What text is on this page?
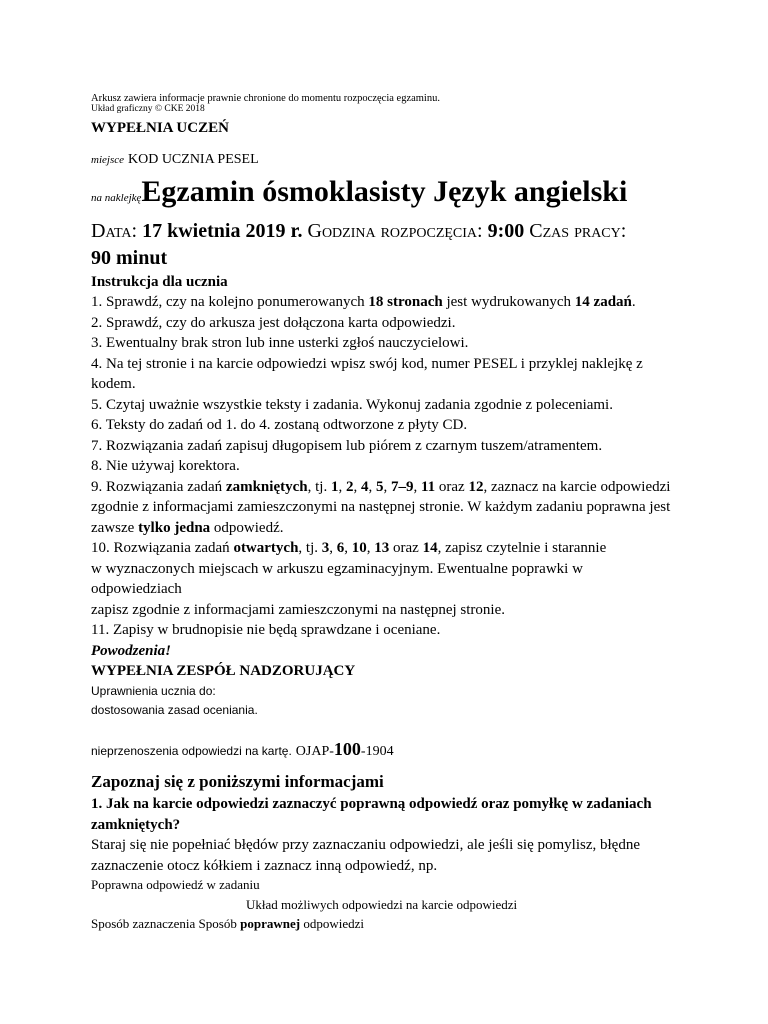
Arkusz zawiera informacje prawnie chronione do momentu rozpoczęcia egzaminu.
Układ graficzny © CKE 2018
WYPEŁNIA UCZEŃ
miejsce KOD UCZNIA PESEL
na naklejkęEgzamin ósmoklasisty Język angielski
Data: 17 kwietnia 2019 r. Godzina rozpoczęcia: 9:00 Czas pracy:
90 minut
Instrukcja dla ucznia
1. Sprawdź, czy na kolejno ponumerowanych 18 stronach jest wydrukowanych 14 zadań.
2. Sprawdź, czy do arkusza jest dołączona karta odpowiedzi.
3. Ewentualny brak stron lub inne usterki zgłoś nauczycielowi.
4. Na tej stronie i na karcie odpowiedzi wpisz swój kod, numer PESEL i przyklej naklejkę z
kodem.
5. Czytaj uważnie wszystkie teksty i zadania. Wykonuj zadania zgodnie z poleceniami.
6. Teksty do zadań od 1. do 4. zostaną odtworzone z płyty CD.
7. Rozwiązania zadań zapisuj długopisem lub piórem z czarnym tuszem/atramentem.
8. Nie używaj korektora.
9. Rozwiązania zadań zamkniętych, tj. 1, 2, 4, 5, 7–9, 11 oraz 12, zaznacz na karcie odpowiedzi
zgodnie z informacjami zamieszczonymi na następnej stronie. W każdym zadaniu poprawna jest
zawsze tylko jedna odpowiedź.
10. Rozwiązania zadań otwartych, tj. 3, 6, 10, 13 oraz 14, zapisz czytelnie i starannie
w wyznaczonych miejscach w arkuszu egzaminacyjnym. Ewentualne poprawki w
odpowiedziach
zapisz zgodnie z informacjami zamieszczonymi na następnej stronie.
11. Zapisy w brudnopisie nie będą sprawdzane i oceniane.
Powodzenia!
WYPEŁNIA ZESPÓŁ NADZORUJĄCY
Uprawnienia ucznia do:
dostosowania zasad oceniania.
nieprzenoszenia odpowiedzi na kartę. OJAP-100-1904
Zapoznaj się z poniższymi informacjami
1. Jak na karcie odpowiedzi zaznaczyć poprawną odpowiedź oraz pomyłkę w zadaniach
zamkniętych?
Staraj się nie popełniać błędów przy zaznaczaniu odpowiedzi, ale jeśli się pomylisz, błędne
zaznaczenie otocz kółkiem i zaznacz inną odpowiedź, np.
Poprawna odpowiedź w zadaniu
Układ możliwych odpowiedzi na karcie odpowiedzi
Sposób zaznaczenia Sposób poprawnej odpowiedzi
